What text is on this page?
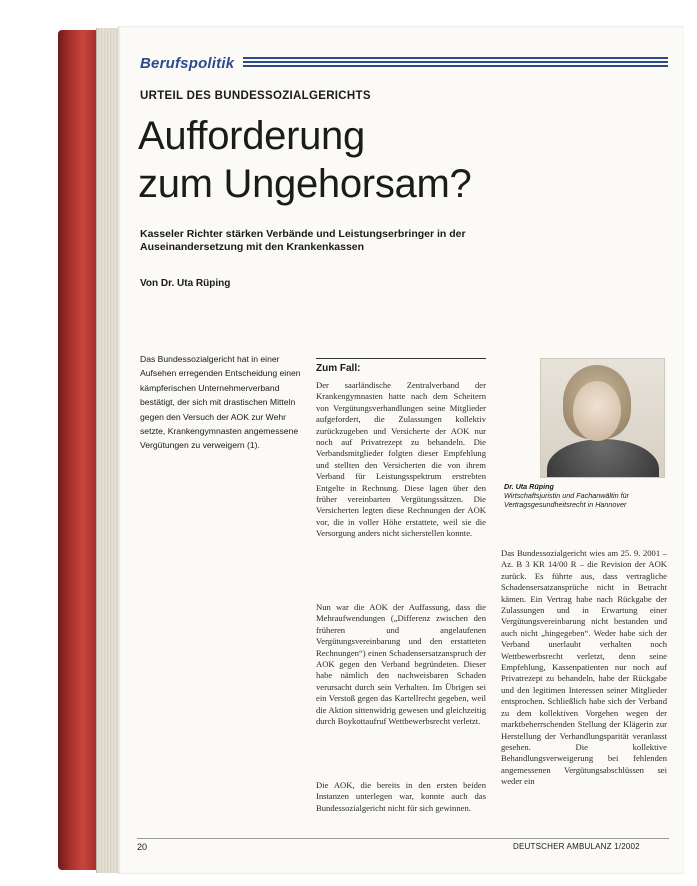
Berufspolitik
URTEIL DES BUNDESSOZIALGERICHTS
Aufforderung
zum Ungehorsam?

Kasseler Richter stärken Verbände und Leistungserbringer in der Auseinandersetzung mit den Krankenkassen

Von Dr. Uta Rüping

Das Bundessozialgericht hat in einer Aufsehen erregenden Entscheidung einen kämpferischen Unternehmerverband bestätigt, der sich mit drastischen Mitteln gegen den Versuch der AOK zur Wehr setzte, Krankengymnasten angemessene Vergütungen zu verweigern (1).

Zum Fall:

Der saarländische Zentralverband der Krankengymnasten hatte nach dem Scheitern von Vergütungsverhandlungen seine Mitglieder aufgefordert, die Zulassungen kollektiv zurückzugeben und Versicherte der AOK nur noch auf Privatrezept zu behandeln. Die Verbandsmitglieder folgten dieser Empfehlung und stellten den Versicherten die von ihrem Verband für Leistungsspektrum erstrebten Entgelte in Rechnung. Diese lagen über den früher vereinbarten Vergütungssätzen. Die Versicherten legten diese Rechnungen der AOK vor, die in voller Höhe erstattete, weil sie die Versorgung anders nicht sicherstellen konnte.

Nun war die AOK der Auffassung, dass die Mehraufwendungen („Differenz zwischen den früheren und angelaufenen Vergütungsvereinbarung und den erstatteten Rechnungen“) einen Schadensersatzanspruch der AOK gegen den Verband begründeten. Dieser habe nämlich den nachweisbaren Schaden verursacht durch sein Verhalten. Im Übrigen sei ein Verstoß gegen das Kartellrecht gegeben, weil die Aktion sittenwidrig gewesen und gleichzeitig durch Boykottaufruf Wettbewerbsrecht verletzt.

Die AOK, die bereits in den ersten beiden Instanzen unterlegen war, konnte auch das Bundessozialgericht nicht für sich gewinnen.

Dr. Uta Rüping
Wirtschaftsjuristin und Fachanwältin für Vertragsgesundheitsrecht in Hannover

Das Bundessozialgericht wies am 25. 9. 2001 – Az. B 3 KR 14/00 R – die Revision der AOK zurück. Es führte aus, dass vertragliche Schadensersatzansprüche nicht in Betracht kämen. Ein Vertrag habe nach Rückgabe der Zulassungen und in Erwartung einer Vergütungsvereinbarung nicht bestanden und auch nicht „hingegeben“. Weder habe sich der Verband unerlaubt verhalten noch Wettbewerbsrecht verletzt, denn seine Empfehlung, Kassenpatienten nur noch auf Privatrezept zu behandeln, habe der Rückgabe und den legitimen Interessen seiner Mitglieder entsprochen. Schließlich habe sich der Verband zu dem kollektiven Vorgehen wegen der marktbeherrschenden Stellung der Klägerin zur Herstellung der Verhandlungsparität veranlasst gesehen. Die kollektive Behandlungsverweigerung bei fehlenden angemessenen Vergütungsabschlüssen sei weder ein

20	DEUTSCHER AMBULANZ 1/2002
